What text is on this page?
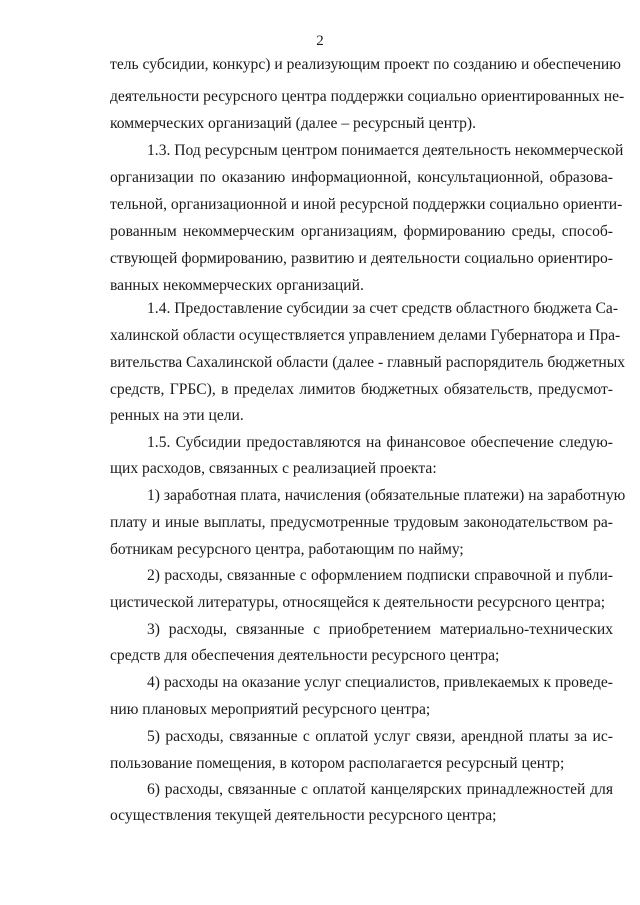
2
тель субсидии, конкурс) и реализующим проект по созданию и обеспечению
деятельности ресурсного центра поддержки социально ориентированных не-
коммерческих организаций (далее – ресурсный центр).
1.3. Под ресурсным центром понимается деятельность некоммерческой
организации по оказанию информационной, консультационной, образова-
тельной, организационной и иной ресурсной поддержки социально ориенти-
рованным некоммерческим организациям, формированию среды, способ-
ствующей формированию, развитию и деятельности социально ориентиро-
ванных некоммерческих организаций.
1.4. Предоставление субсидии за счет средств областного бюджета Са-
халинской области осуществляется управлением делами Губернатора и Пра-
вительства Сахалинской области (далее - главный распорядитель бюджетных
средств, ГРБС), в пределах лимитов бюджетных обязательств, предусмот-
ренных на эти цели.
1.5. Субсидии предоставляются на финансовое обеспечение следую-
щих расходов, связанных с реализацией проекта:
1) заработная плата, начисления (обязательные платежи) на заработную
плату и иные выплаты, предусмотренные трудовым законодательством ра-
ботникам ресурсного центра, работающим по найму;
2) расходы, связанные с оформлением подписки справочной и публи-
цистической литературы, относящейся к деятельности ресурсного центра;
3) расходы, связанные с приобретением материально-технических
средств для обеспечения деятельности ресурсного центра;
4) расходы на оказание услуг специалистов, привлекаемых к проведе-
нию плановых мероприятий ресурсного центра;
5) расходы, связанные с оплатой услуг связи, арендной платы за ис-
пользование помещения, в котором располагается ресурсный центр;
6) расходы, связанные с оплатой канцелярских принадлежностей для
осуществления текущей деятельности ресурсного центра;
